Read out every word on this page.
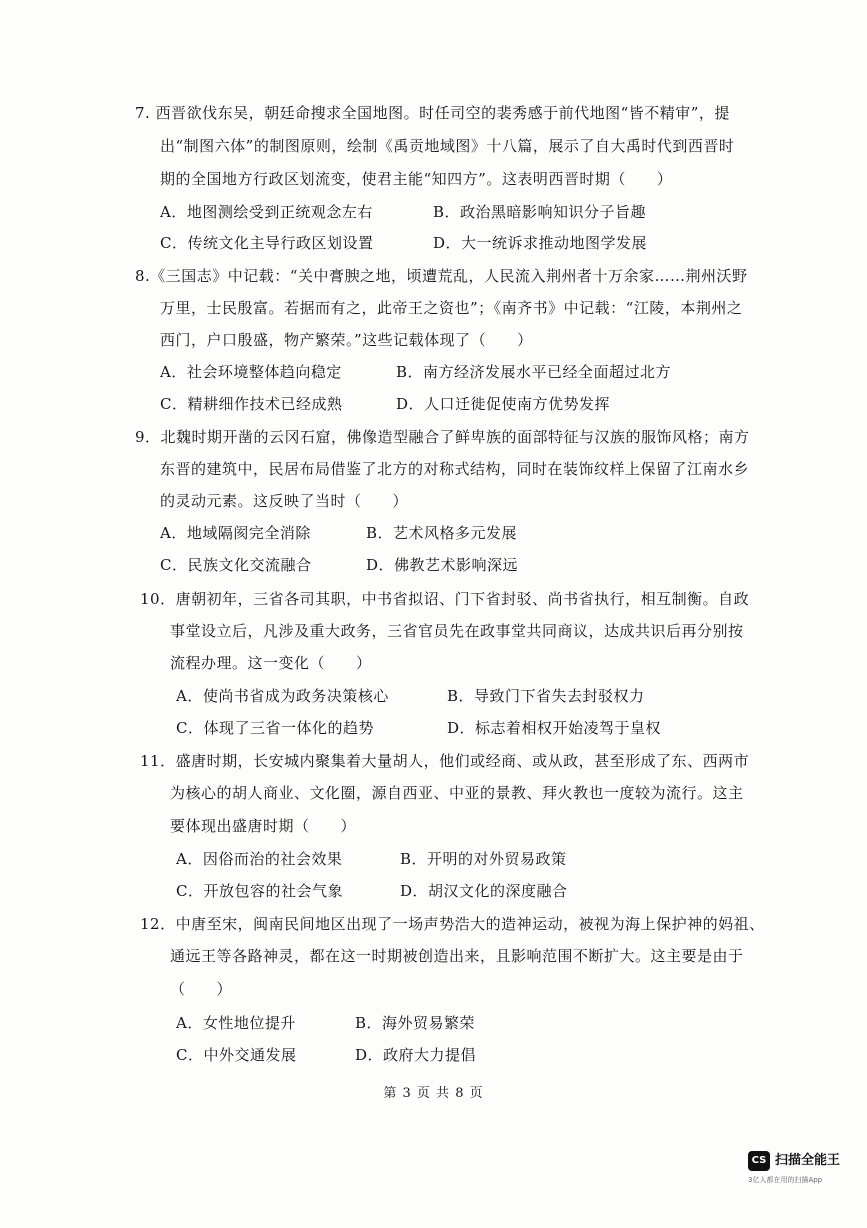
7. 西晋欲伐东吴，朝廷命搜求全国地图。时任司空的裴秀感于前代地图“皆不精审”，提
出“制图六体”的制图原则，绘制《禹贡地域图》十八篇，展示了自大禹时代到西晋时
期的全国地方行政区划流变，使君主能“知四方”。这表明西晋时期（　　）
A．地图测绘受到正统观念左右	B．政治黑暗影响知识分子旨趣
C．传统文化主导行政区划设置	D．大一统诉求推动地图学发展
8.《三国志》中记载：“关中膏腴之地，顷遭荒乱，人民流入荆州者十万余家……荆州沃野
万里，士民殷富。若据而有之，此帝王之资也”；《南齐书》中记载：“江陵，本荆州之
西门，户口殷盛，物产繁荣。”这些记载体现了（　　）
A．社会环境整体趋向稳定	B．南方经济发展水平已经全面超过北方
C．精耕细作技术已经成熟	D．人口迁徙促使南方优势发挥
9．北魏时期开凿的云冈石窟，佛像造型融合了鲜卑族的面部特征与汉族的服饰风格；南方
东晋的建筑中，民居布局借鉴了北方的对称式结构，同时在装饰纹样上保留了江南水乡
的灵动元素。这反映了当时（　　）
A．地域隔阂完全消除	B．艺术风格多元发展
C．民族文化交流融合	D．佛教艺术影响深远
10．唐朝初年，三省各司其职，中书省拟诏、门下省封驳、尚书省执行，相互制衡。自政
事堂设立后，凡涉及重大政务，三省官员先在政事堂共同商议，达成共识后再分别按
流程办理。这一变化（　　）
A．使尚书省成为政务决策核心	B．导致门下省失去封驳权力
C．体现了三省一体化的趋势	D．标志着相权开始凌驾于皇权
11．盛唐时期，长安城内聚集着大量胡人，他们或经商、或从政，甚至形成了东、西两市
为核心的胡人商业、文化圈，源自西亚、中亚的景教、拜火教也一度较为流行。这主
要体现出盛唐时期（　　）
A．因俗而治的社会效果	B．开明的对外贸易政策
C．开放包容的社会气象	D．胡汉文化的深度融合
12．中唐至宋，闽南民间地区出现了一场声势浩大的造神运动，被视为海上保护神的妈祖、
通远王等各路神灵，都在这一时期被创造出来，且影响范围不断扩大。这主要是由于
（　　）
A．女性地位提升	B．海外贸易繁荣
C．中外交通发展	D．政府大力提倡
第 3 页 共 8 页
CS 扫描全能王
3亿人都在用的扫描App
